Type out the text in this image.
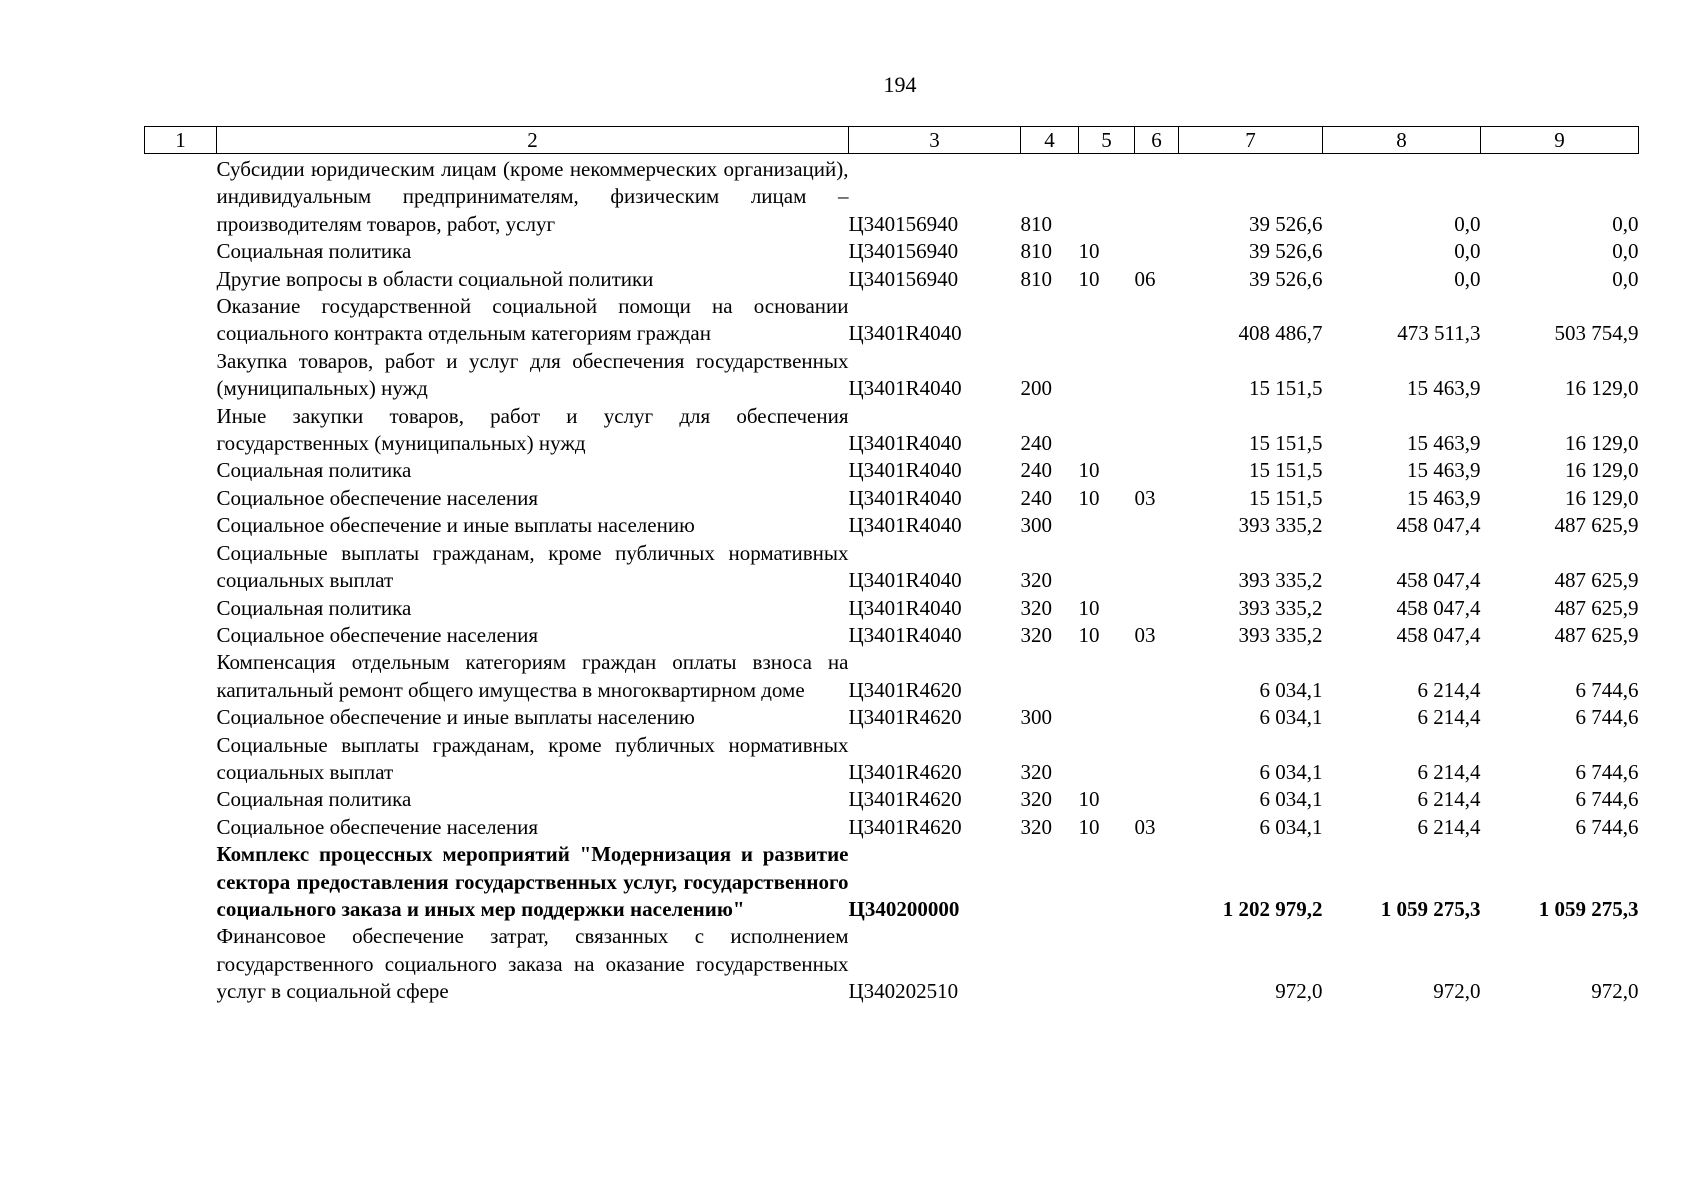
194
1	2	3	4	5	6	7	8	9
	Субсидии юридическим лицам (кроме некоммерческих организаций), индивидуальным предпринимателям, физическим лицам – производителям товаров, работ, услуг	Ц340156940	810			39 526,6	0,0	0,0
	Социальная политика	Ц340156940	810	10		39 526,6	0,0	0,0
	Другие вопросы в области социальной политики	Ц340156940	810	10	06	39 526,6	0,0	0,0
	Оказание государственной социальной помощи на основании социального контракта отдельным категориям граждан	Ц3401R4040				408 486,7	473 511,3	503 754,9
	Закупка товаров, работ и услуг для обеспечения государственных (муниципальных) нужд	Ц3401R4040	200			15 151,5	15 463,9	16 129,0
	Иные закупки товаров, работ и услуг для обеспечения государственных (муниципальных) нужд	Ц3401R4040	240			15 151,5	15 463,9	16 129,0
	Социальная политика	Ц3401R4040	240	10		15 151,5	15 463,9	16 129,0
	Социальное обеспечение населения	Ц3401R4040	240	10	03	15 151,5	15 463,9	16 129,0
	Социальное обеспечение и иные выплаты населению	Ц3401R4040	300			393 335,2	458 047,4	487 625,9
	Социальные выплаты гражданам, кроме публичных нормативных социальных выплат	Ц3401R4040	320			393 335,2	458 047,4	487 625,9
	Социальная политика	Ц3401R4040	320	10		393 335,2	458 047,4	487 625,9
	Социальное обеспечение населения	Ц3401R4040	320	10	03	393 335,2	458 047,4	487 625,9
	Компенсация отдельным категориям граждан оплаты взноса на капитальный ремонт общего имущества в многоквартирном доме	Ц3401R4620				6 034,1	6 214,4	6 744,6
	Социальное обеспечение и иные выплаты населению	Ц3401R4620	300			6 034,1	6 214,4	6 744,6
	Социальные выплаты гражданам, кроме публичных нормативных социальных выплат	Ц3401R4620	320			6 034,1	6 214,4	6 744,6
	Социальная политика	Ц3401R4620	320	10		6 034,1	6 214,4	6 744,6
	Социальное обеспечение населения	Ц3401R4620	320	10	03	6 034,1	6 214,4	6 744,6
	Комплекс процессных мероприятий "Модернизация и развитие сектора предоставления государственных услуг, государственного социального заказа и иных мер поддержки населению"	Ц340200000				1 202 979,2	1 059 275,3	1 059 275,3
	Финансовое обеспечение затрат, связанных с исполнением государственного социального заказа на оказание государственных услуг в социальной сфере	Ц340202510				972,0	972,0	972,0
